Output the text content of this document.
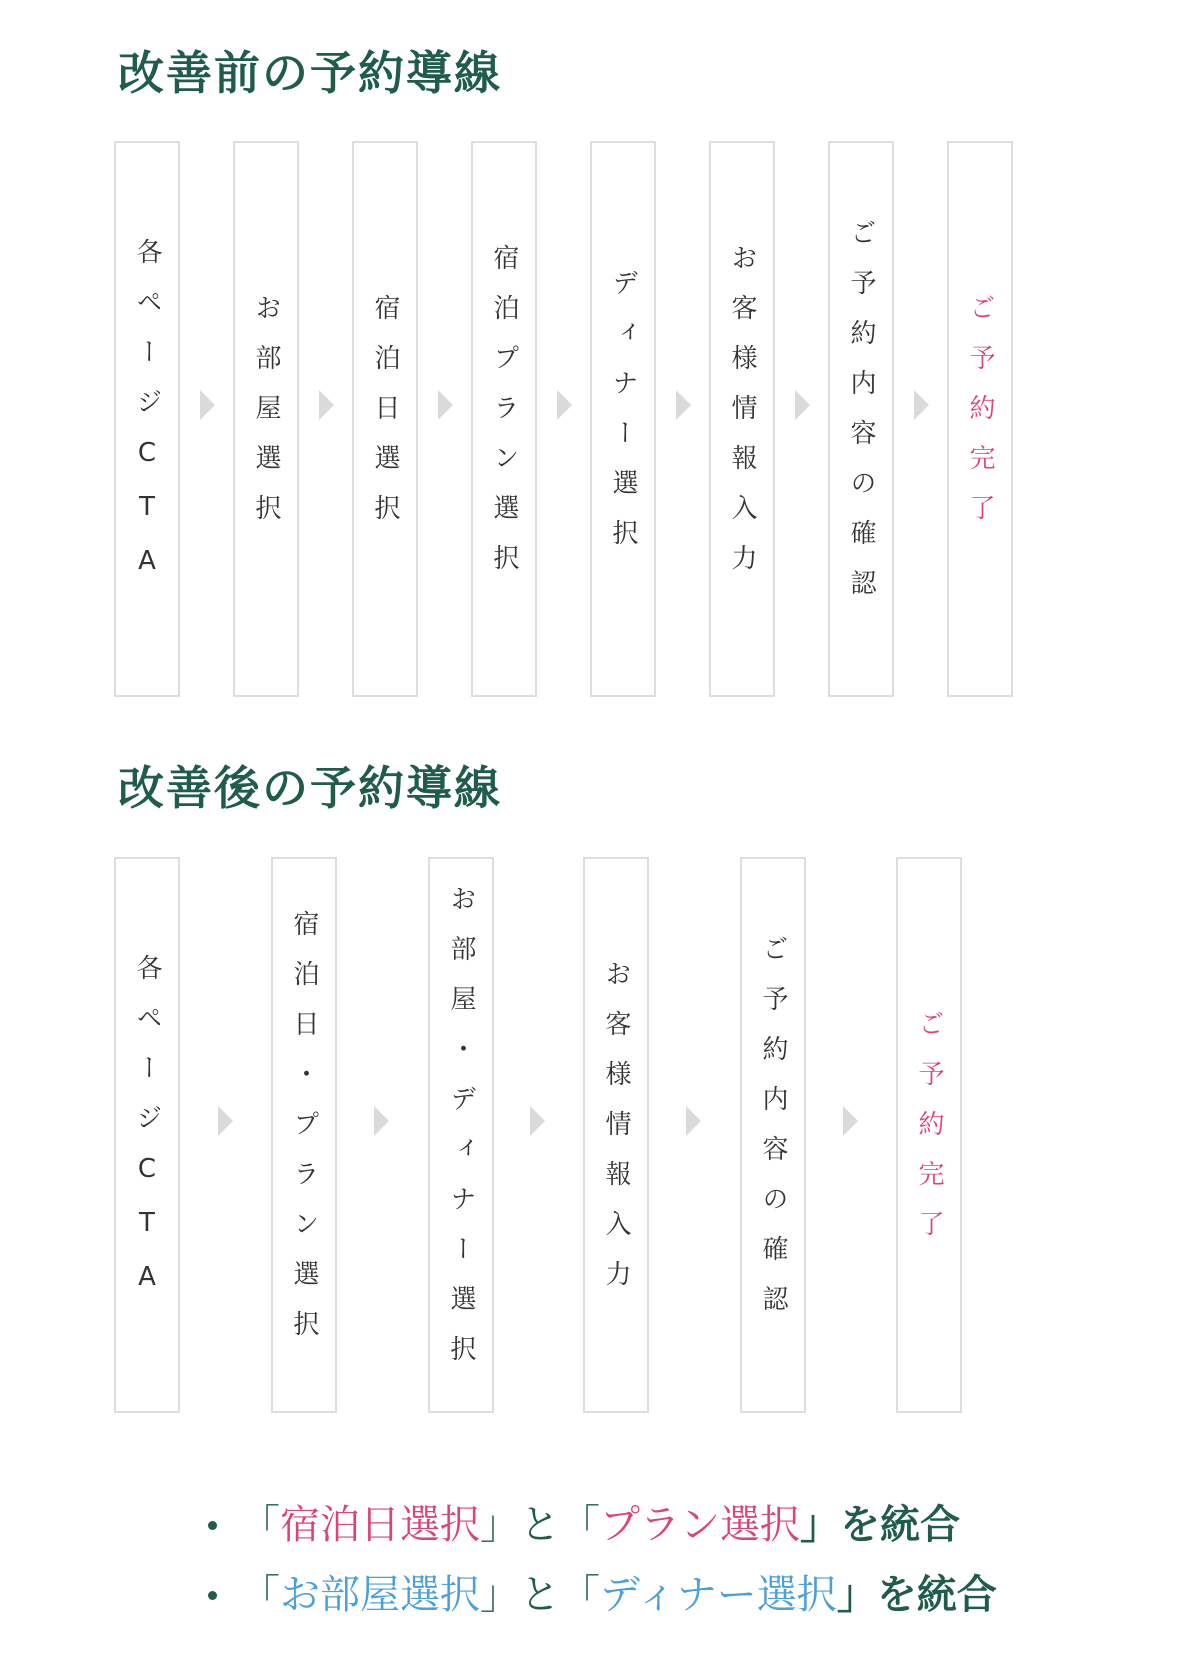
改善前の予約導線
各ページCTA	お部屋選択	宿泊日選択	宿泊プラン選択	ディナー選択	お客様情報入力	ご予約内容の確認	ご予約完了
改善後の予約導線
各ページCTA	宿泊日・プラン選択	お部屋・ディナー選択	お客様情報入力	ご予約内容の確認	ご予約完了
「宿泊日選択」と「プラン選択」を統合
「お部屋選択」と「ディナー選択」を統合
